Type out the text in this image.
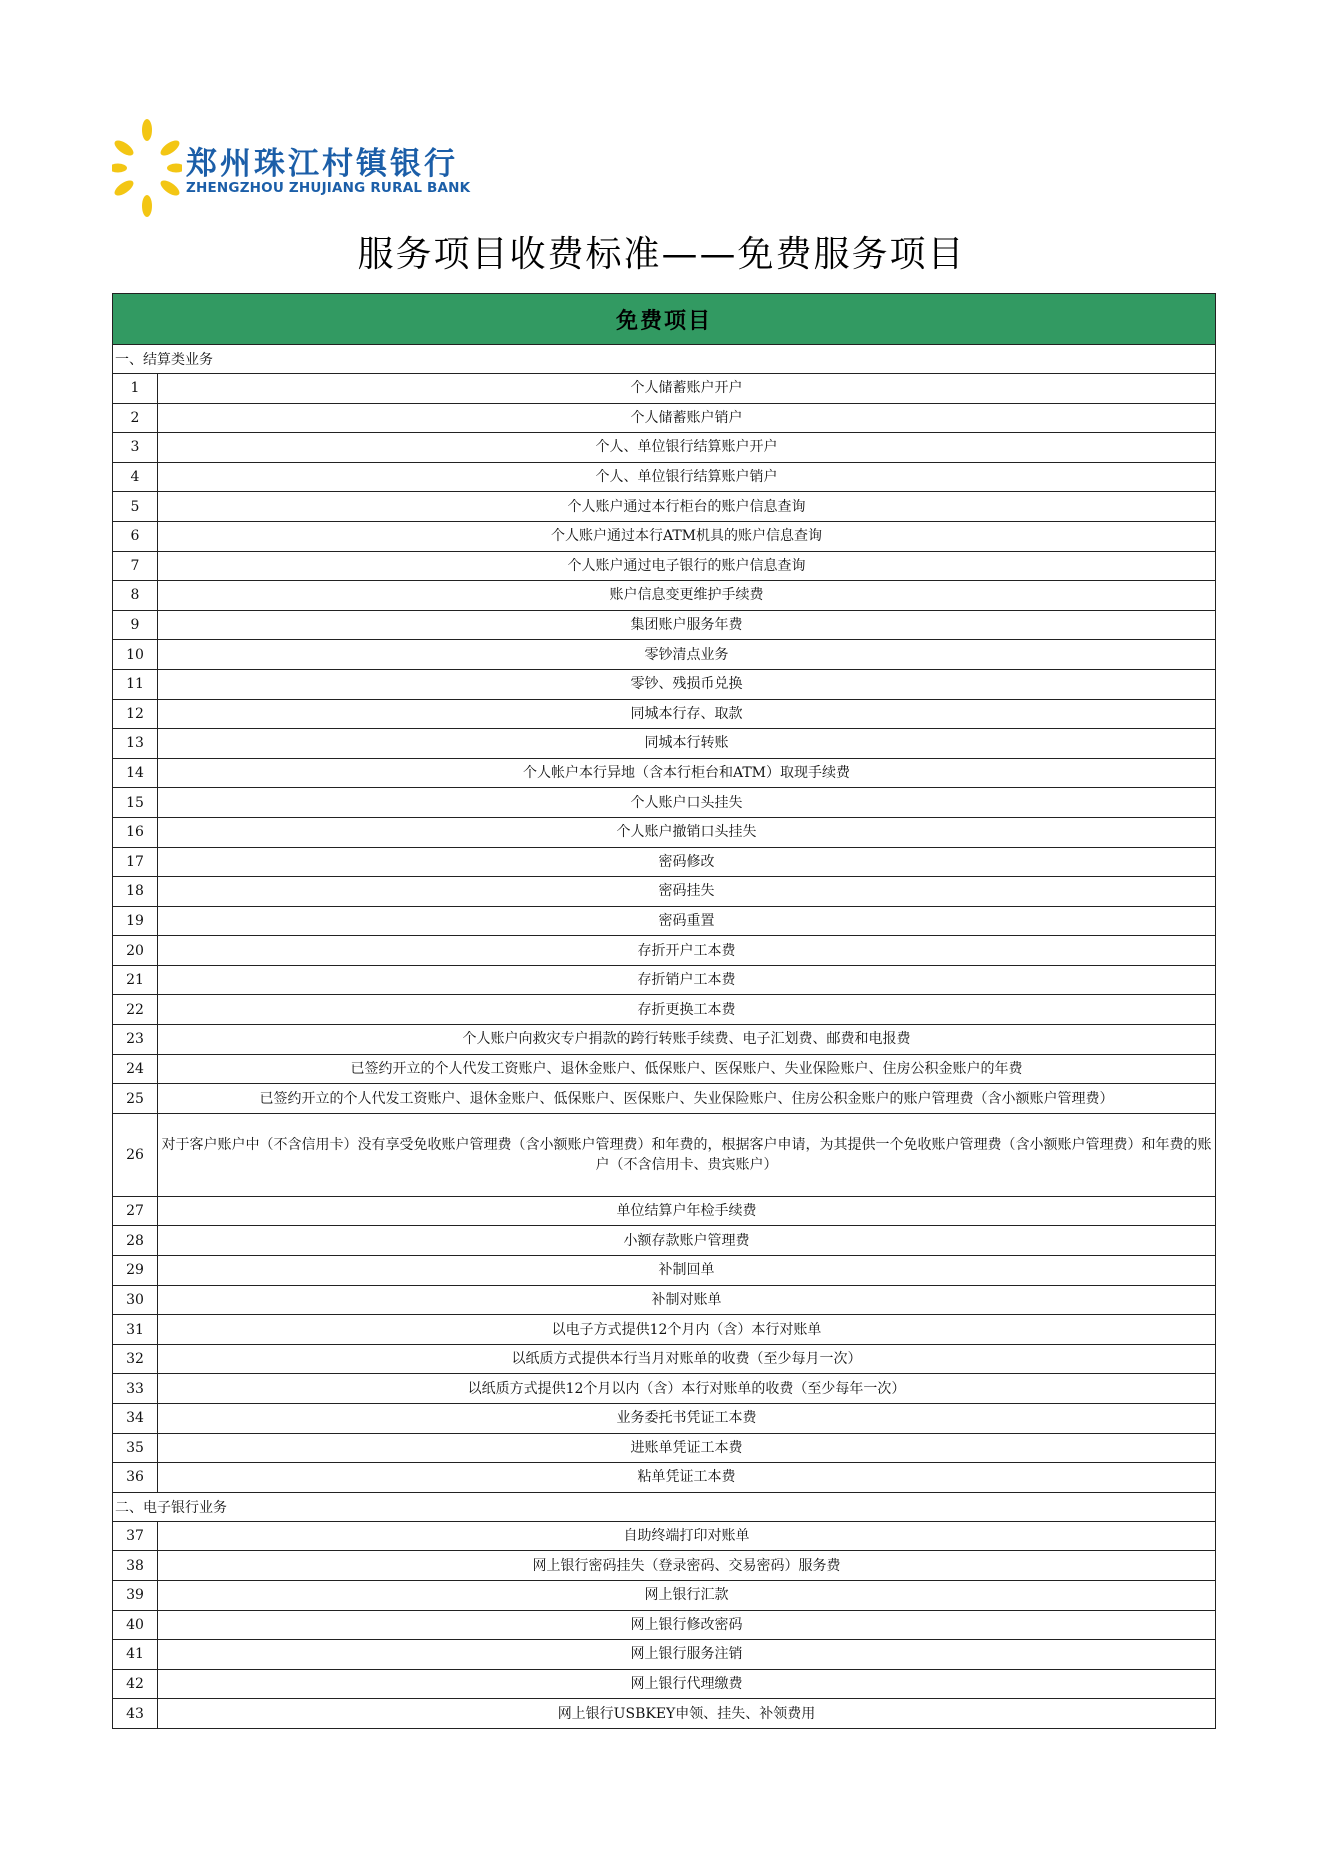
郑州珠江村镇银行
ZHENGZHOU ZHUJIANG RURAL BANK
服务项目收费标准——免费服务项目
免费项目	
一、结算类业务	
1	个人储蓄账户开户
2	个人储蓄账户销户
3	个人、单位银行结算账户开户
4	个人、单位银行结算账户销户
5	个人账户通过本行柜台的账户信息查询
6	个人账户通过本行ATM机具的账户信息查询
7	个人账户通过电子银行的账户信息查询
8	账户信息变更维护手续费
9	集团账户服务年费
10	零钞清点业务
11	零钞、残损币兑换
12	同城本行存、取款
13	同城本行转账
14	个人帐户本行异地（含本行柜台和ATM）取现手续费
15	个人账户口头挂失
16	个人账户撤销口头挂失
17	密码修改
18	密码挂失
19	密码重置
20	存折开户工本费
21	存折销户工本费
22	存折更换工本费
23	个人账户向救灾专户捐款的跨行转账手续费、电子汇划费、邮费和电报费
24	已签约开立的个人代发工资账户、退休金账户、低保账户、医保账户、失业保险账户、住房公积金账户的年费
25	已签约开立的个人代发工资账户、退休金账户、低保账户、医保账户、失业保险账户、住房公积金账户的账户管理费（含小额账户管理费）
26	对于客户账户中（不含信用卡）没有享受免收账户管理费（含小额账户管理费）和年费的，根据客户申请，为其提供一个免收账户管理费（含小额账户管理费）和年费的账户（不含信用卡、贵宾账户）
27	单位结算户年检手续费
28	小额存款账户管理费
29	补制回单
30	补制对账单
31	以电子方式提供12个月内（含）本行对账单
32	以纸质方式提供本行当月对账单的收费（至少每月一次）
33	以纸质方式提供12个月以内（含）本行对账单的收费（至少每年一次）
34	业务委托书凭证工本费
35	进账单凭证工本费
36	粘单凭证工本费
二、电子银行业务	
37	自助终端打印对账单
38	网上银行密码挂失（登录密码、交易密码）服务费
39	网上银行汇款
40	网上银行修改密码
41	网上银行服务注销
42	网上银行代理缴费
43	网上银行USBKEY申领、挂失、补领费用
